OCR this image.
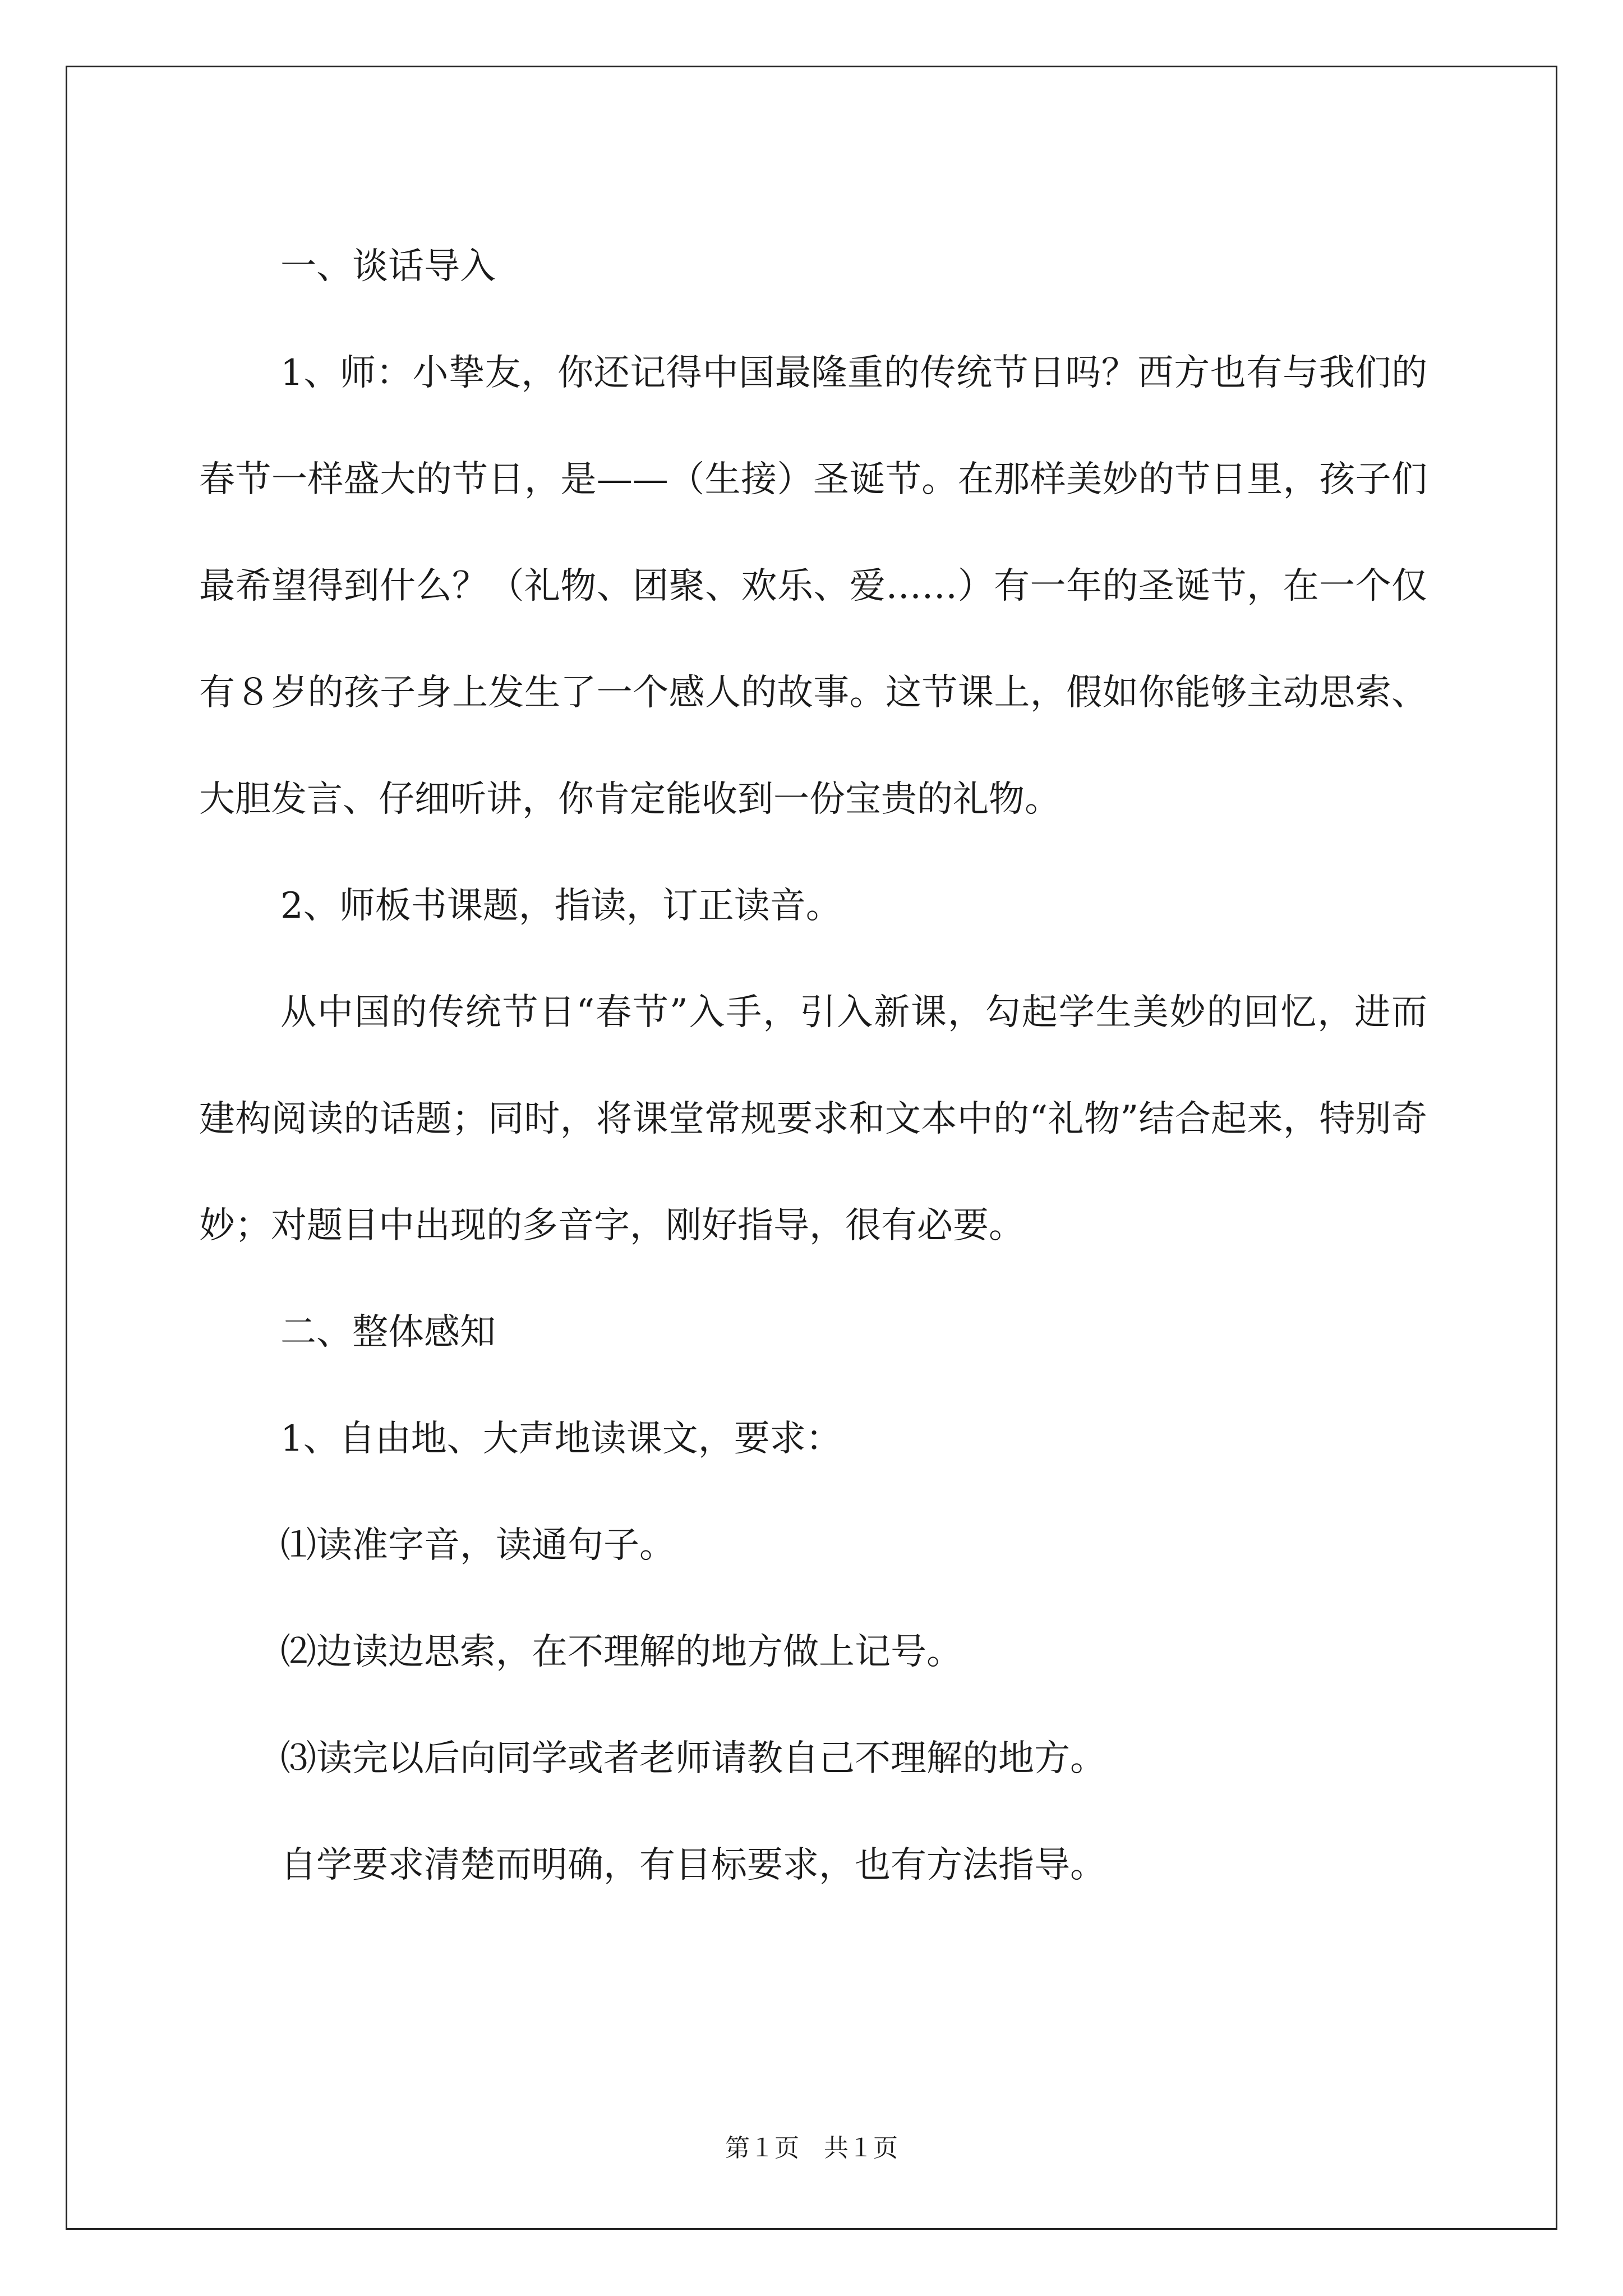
一、谈话导入

1、师：小挚友，你还记得中国最隆重的传统节日吗？西方也有与我们的春节一样盛大的节日，是——（生接）圣诞节。在那样美妙的节日里，孩子们最希望得到什么？（礼物、团聚、欢乐、爱……）有一年的圣诞节，在一个仅有８岁的孩子身上发生了一个感人的故事。这节课上，假如你能够主动思索、大胆发言、仔细听讲，你肯定能收到一份宝贵的礼物。

2、师板书课题，指读，订正读音。

从中国的传统节日“春节”入手，引入新课，勾起学生美妙的回忆，进而建构阅读的话题；同时，将课堂常规要求和文本中的“礼物”结合起来，特别奇妙；对题目中出现的多音字，刚好指导，很有必要。

二、整体感知

1、自由地、大声地读课文，要求：

⑴读准字音，读通句子。

⑵边读边思索，在不理解的地方做上记号。

⑶读完以后向同学或者老师请教自己不理解的地方。

自学要求清楚而明确，有目标要求，也有方法指导。

第１页　共１页
